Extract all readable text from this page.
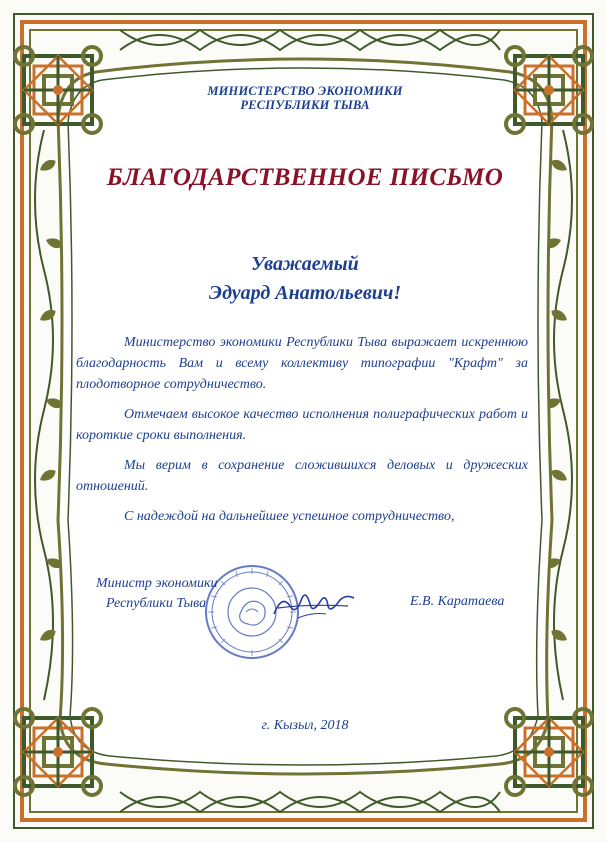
МИНИСТЕРСТВО ЭКОНОМИКИ
РЕСПУБЛИКИ ТЫВА
БЛАГОДАРСТВЕННОЕ ПИСЬМО
Уважаемый
Эдуард Анатольевич!

Министерство экономики Республики Тыва выражает искреннюю благодарность Вам и всему коллективу типографии "Крафт" за плодотворное сотрудничество.

Отмечаем высокое качество исполнения полиграфических работ и короткие сроки выполнения.

Мы верим в сохранение сложившихся деловых и дружеских отношений.

С надеждой на дальнейшее успешное сотрудничество,

Министр экономики
Республики Тыва	Е.В. Каратаева
г. Кызыл, 2018
